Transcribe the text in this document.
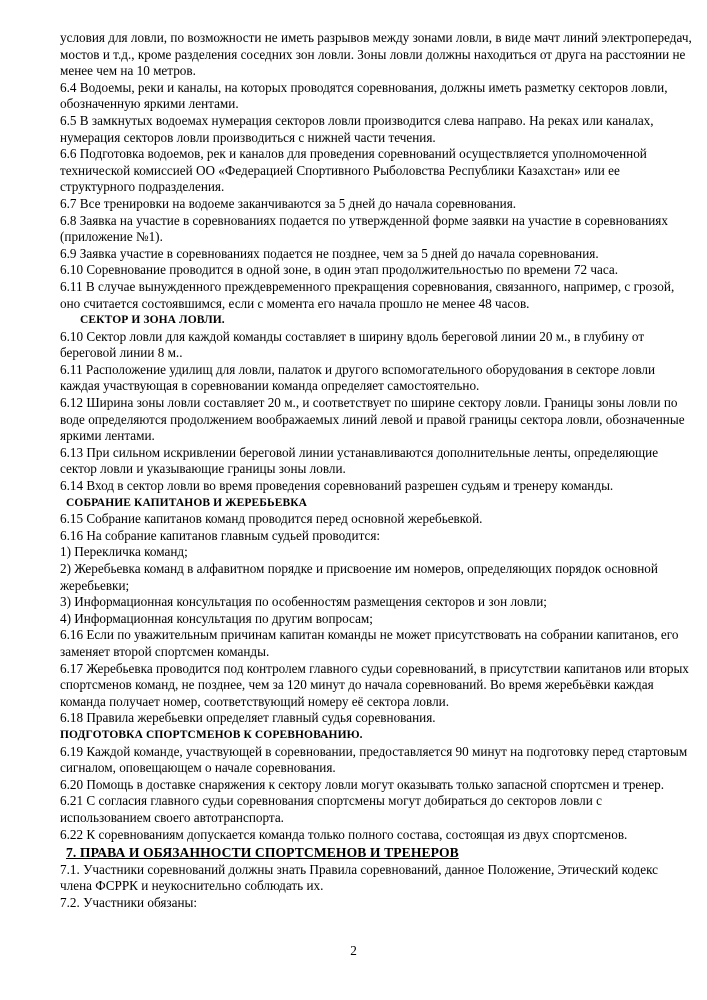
условия для ловли, по возможности не иметь разрывов между зонами ловли, в виде мачт линий электропередач, мостов и т.д., кроме разделения соседних зон ловли. Зоны ловли должны находиться от друга на расстоянии не менее чем на 10 метров.

6.4 Водоемы, реки и каналы, на которых проводятся соревнования, должны иметь разметку секторов ловли, обозначенную яркими лентами.

6.5 В замкнутых водоемах нумерация секторов ловли производится слева направо. На реках или каналах, нумерация секторов ловли производиться с нижней части течения.

6.6 Подготовка водоемов, рек и каналов для проведения соревнований осуществляется уполномоченной технической комиссией ОО «Федерацией Спортивного Рыболовства Республики Казахстан» или ее структурного подразделения.

6.7 Все тренировки на водоеме заканчиваются за 5 дней до начала соревнования.

6.8 Заявка на участие в соревнованиях подается по утвержденной форме заявки на участие в соревнованиях (приложение №1).

6.9 Заявка участие в соревнованиях подается не позднее, чем за 5 дней до начала соревнования.

6.10 Соревнование проводится в одной зоне, в один этап продолжительностью по времени 72 часа.

6.11 В случае вынужденного преждевременного прекращения соревнования, связанного, например, с грозой, оно считается состоявшимся, если с момента его начала прошло не менее 48 часов.

СЕКТОР И ЗОНА ЛОВЛИ.

6.10 Сектор ловли для каждой команды составляет в ширину вдоль береговой линии 20 м., в глубину от береговой линии 8 м..

6.11 Расположение удилищ для ловли, палаток и другого вспомогательного оборудования в секторе ловли каждая участвующая в соревновании команда определяет самостоятельно.

6.12 Ширина зоны ловли составляет 20 м., и соответствует по ширине сектору ловли. Границы зоны ловли по воде определяются продолжением воображаемых линий левой и правой границы сектора ловли, обозначенные яркими лентами.

6.13 При сильном искривлении береговой линии устанавливаются дополнительные ленты, определяющие сектор ловли и указывающие границы зоны ловли.

6.14 Вход в сектор ловли во время проведения соревнований разрешен судьям и тренеру команды.

СОБРАНИЕ КАПИТАНОВ И ЖЕРЕБЬЕВКА

6.15 Собрание капитанов команд проводится перед основной жеребьевкой.

6.16 На собрание капитанов главным судьей проводится:

1) Перекличка команд;

2) Жеребьевка команд в алфавитном порядке и присвоение им номеров, определяющих порядок основной жеребьевки;

3) Информационная консультация по особенностям размещения секторов и зон ловли;

4) Информационная консультация по другим вопросам;

6.16 Если по уважительным причинам капитан команды не может присутствовать на собрании капитанов, его заменяет второй спортсмен команды.

6.17 Жеребьевка проводится под контролем главного судьи соревнований, в присутствии капитанов или вторых спортсменов команд, не позднее, чем за 120 минут до начала соревнований. Во время жеребьёвки каждая команда получает номер, соответствующий номеру её сектора ловли.

6.18 Правила жеребьевки определяет главный судья соревнования.

ПОДГОТОВКА СПОРТСМЕНОВ К СОРЕВНОВАНИЮ.

6.19 Каждой команде, участвующей в соревновании, предоставляется 90 минут на подготовку перед стартовым сигналом, оповещающем о начале соревнования.

6.20 Помощь в доставке снаряжения к сектору ловли могут оказывать только запасной спортсмен и тренер.

6.21 С согласия главного судьи соревнования спортсмены могут добираться до секторов ловли с использованием своего автотранспорта.

6.22 К соревнованиям допускается команда только полного состава, состоящая из двух спортсменов.

7. ПРАВА И ОБЯЗАННОСТИ СПОРТСМЕНОВ И ТРЕНЕРОВ

7.1. Участники соревнований должны знать Правила соревнований, данное Положение, Этический кодекс члена ФСРРК и неукоснительно соблюдать их.

7.2. Участники обязаны:

2
